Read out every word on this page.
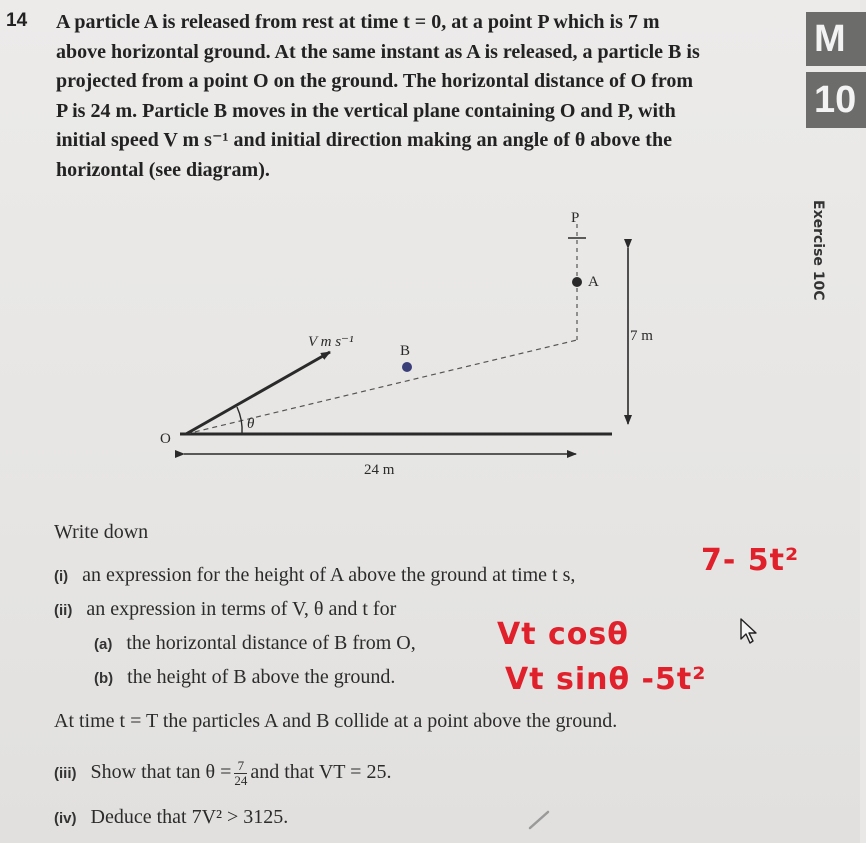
14 A particle A is released from rest at time t = 0, at a point P which is 7 m
above horizontal ground. At the same instant as A is released, a particle B is
projected from a point O on the ground. The horizontal distance of O from
P is 24 m. Particle B moves in the vertical plane containing O and P, with
initial speed V m s⁻¹ and initial direction making an angle of θ above the
horizontal (see diagram).
M
10
Exercise 10C
P
A
B
O
V m s⁻¹
θ
7 m
24 m
Write down
(i) an expression for the height of A above the ground at time t s,
(ii) an expression in terms of V, θ and t for
(a) the horizontal distance of B from O,
(b) the height of B above the ground.
At time t = T the particles A and B collide at a point above the ground.
(iii) Show that $\tan \theta = \frac{7}{24}$ and that VT = 25.
(iv) Deduce that 7V² > 3125.
7- 5t²
Vt cosθ
Vt sinθ -5t²
